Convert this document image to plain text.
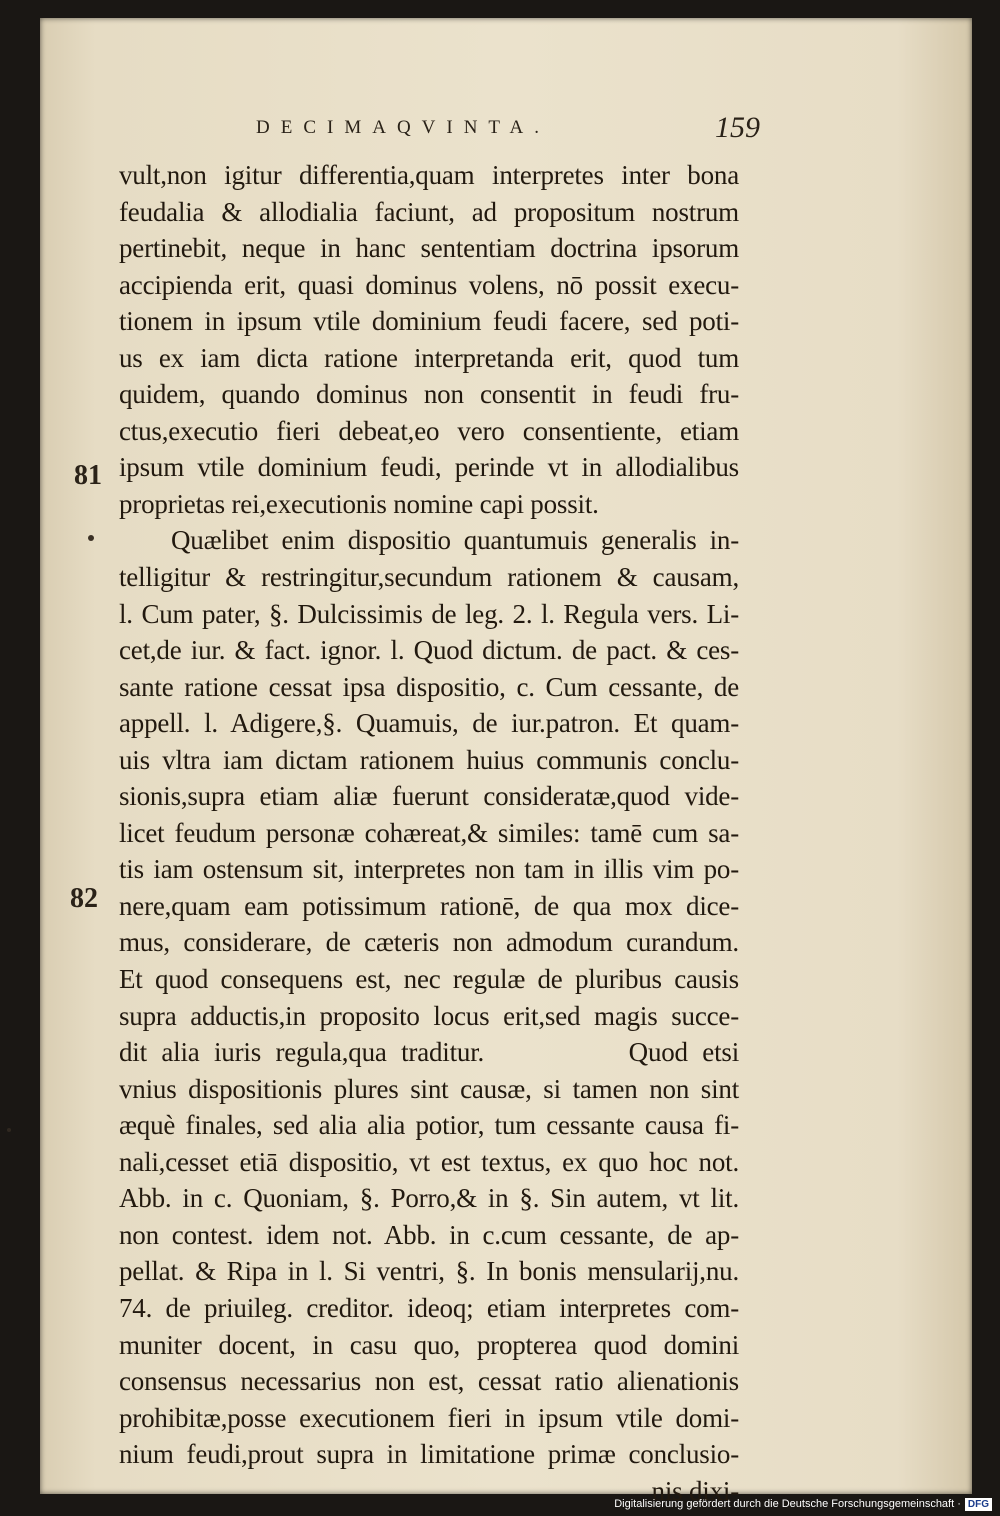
DECIMAQVINTA.	159
81
82
vult,non igitur differentia,quam interpretes inter bona
feudalia & allodialia faciunt, ad propositum nostrum
pertinebit, neque in hanc sententiam doctrina ipsorum
accipienda erit, quasi dominus volens, nō possit execu-
tionem in ipsum vtile dominium feudi facere, sed poti-
us ex iam dicta ratione interpretanda erit, quod tum
quidem, quando dominus non consentit in feudi fru-
ctus,executio fieri debeat,eo vero consentiente, etiam
ipsum vtile dominium feudi, perinde vt in allodialibus
proprietas rei,executionis nomine capi possit.
Quælibet enim dispositio quantumuis generalis in-
telligitur & restringitur,secundum rationem & causam,
l. Cum pater, §. Dulcissimis de leg. 2. l. Regula vers. Li-
cet,de iur. & fact. ignor. l. Quod dictum. de pact. & ces-
sante ratione cessat ipsa dispositio, c. Cum cessante, de
appell. l. Adigere,§. Quamuis, de iur.patron. Et quam-
uis vltra iam dictam rationem huius communis conclu-
sionis,supra etiam aliæ fuerunt consideratæ,quod vide-
licet feudum personæ cohæreat,& similes: tamē cum sa-
tis iam ostensum sit, interpretes non tam in illis vim po-
nere,quam eam potissimum rationē, de qua mox dice-
mus, considerare, de cæteris non admodum curandum.
Et quod consequens est, nec regulæ de pluribus causis
supra adductis,in proposito locus erit,sed magis succe-
dit alia iuris regula,qua traditur.          Quod etsi
vnius dispositionis plures sint causæ, si tamen non sint
æquè finales, sed alia alia potior, tum cessante causa fi-
nali,cesset etiā dispositio, vt est textus, ex quo hoc not.
Abb. in c. Quoniam, §. Porro,& in §. Sin autem, vt lit.
non contest. idem not. Abb. in c.cum cessante, de ap-
pellat. & Ripa in l. Si ventri, §. In bonis mensularij,nu.
74. de priuileg. creditor. ideoq; etiam interpretes com-
muniter docent, in casu quo, propterea quod domini
consensus necessarius non est, cessat ratio alienationis
prohibitæ,posse executionem fieri in ipsum vtile domi-
nium feudi,prout supra in limitatione primæ conclusio-
nis dixi-
Digitalisierung gefördert durch die Deutsche Forschungsgemeinschaft · DFG
